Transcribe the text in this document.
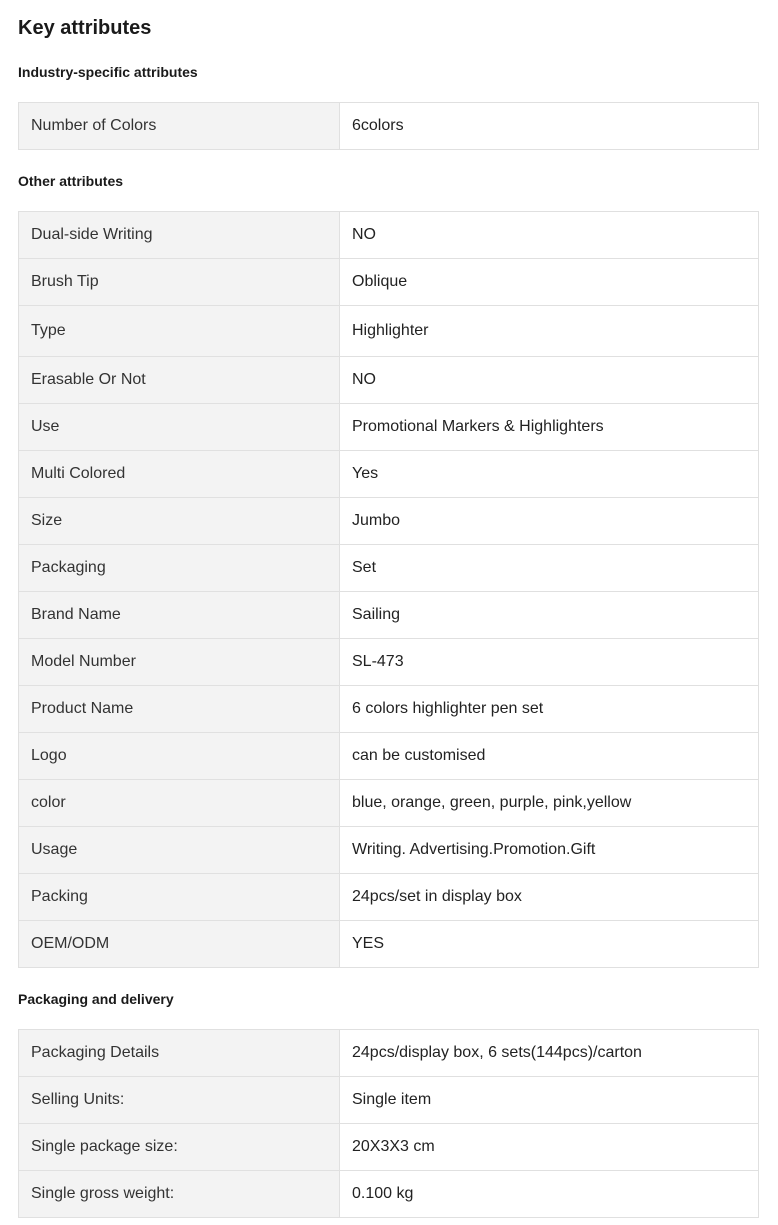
Key attributes
Industry-specific attributes
Number of Colors	6colors
Other attributes
Dual-side Writing	NO
Brush Tip	Oblique
Type	Highlighter
Erasable Or Not	NO
Use	Promotional Markers & Highlighters
Multi Colored	Yes
Size	Jumbo
Packaging	Set
Brand Name	Sailing
Model Number	SL-473
Product Name	6 colors highlighter pen set
Logo	can be customised
color	blue, orange, green, purple, pink,yellow
Usage	Writing. Advertising.Promotion.Gift
Packing	24pcs/set in display box
OEM/ODM	YES
Packaging and delivery
Packaging Details	24pcs/display box, 6 sets(144pcs)/carton
Selling Units:	Single item
Single package size:	20X3X3 cm
Single gross weight:	0.100 kg
